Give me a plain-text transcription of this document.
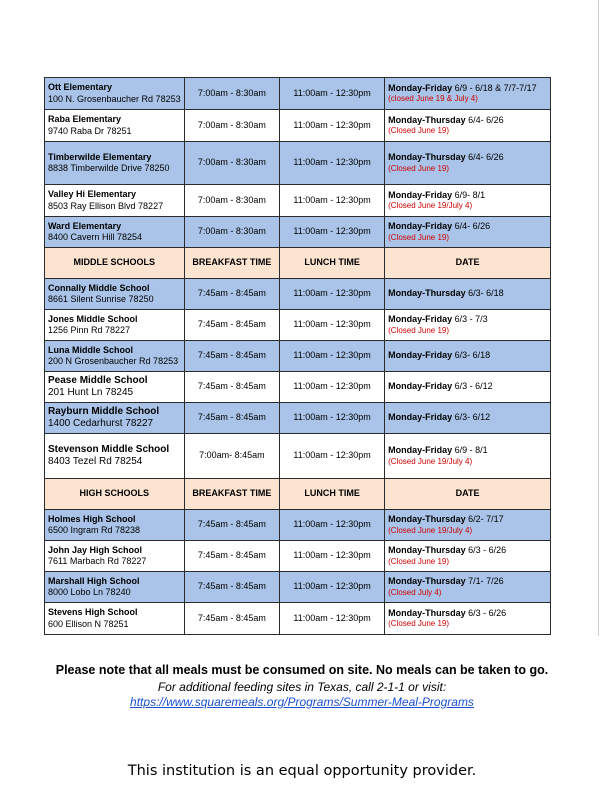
Ott Elementary
100 N. Grosenbaucher Rd 78253	7:00am - 8:30am	11:00am - 12:30pm	Monday-Friday 6/9 - 6/18 & 7/7-7/17
(closed June 19 & July 4)

Raba Elementary
9740 Raba Dr 78251	7:00am - 8:30am	11:00am - 12:30pm	Monday-Thursday 6/4- 6/26
(Closed June 19)

Timberwilde Elementary
8838 Timberwilde Drive 78250	7:00am - 8:30am	11:00am - 12:30pm	Monday-Thursday 6/4- 6/26
(Closed June 19)

Valley Hi Elementary
8503 Ray Ellison Blvd 78227	7:00am - 8:30am	11:00am - 12:30pm	Monday-Friday 6/9- 8/1
(Closed June 19/July 4)

Ward Elementary
8400 Cavern Hill 78254	7:00am - 8:30am	11:00am - 12:30pm	Monday-Friday 6/4- 6/26
(Closed June 19)

MIDDLE SCHOOLS	BREAKFAST TIME	LUNCH TIME	DATE

Connally Middle School
8661 Silent Sunrise 78250	7:45am - 8:45am	11:00am - 12:30pm	Monday-Thursday 6/3- 6/18

Jones Middle School
1256 Pinn Rd 78227	7:45am - 8:45am	11:00am - 12:30pm	Monday-Friday 6/3 - 7/3
(Closed June 19)

Luna Middle School
200 N Grosenbaucher Rd 78253	7:45am - 8:45am	11:00am - 12:30pm	Monday-Friday 6/3- 6/18

Pease Middle School
201 Hunt Ln 78245	7:45am - 8:45am	11:00am - 12:30pm	Monday-Friday 6/3 - 6/12

Rayburn Middle School
1400 Cedarhurst 78227	7:45am - 8:45am	11:00am - 12:30pm	Monday-Friday 6/3- 6/12

Stevenson Middle School
8403 Tezel Rd 78254	7:00am- 8:45am	11:00am - 12:30pm	Monday-Friday 6/9 - 8/1
(Closed June 19/July 4)

HIGH SCHOOLS	BREAKFAST TIME	LUNCH TIME	DATE

Holmes High School
6500 Ingram Rd 78238	7:45am - 8:45am	11:00am - 12:30pm	Monday-Thursday 6/2- 7/17
(Closed June 19/July 4)

John Jay High School
7611 Marbach Rd 78227	7:45am - 8:45am	11:00am - 12:30pm	Monday-Thursday 6/3 - 6/26
(Closed June 19)

Marshall High School
8000 Lobo Ln 78240	7:45am - 8:45am	11:00am - 12:30pm	Monday-Thursday 7/1- 7/26
(Closed July 4)

Stevens High School
600 Ellison N 78251	7:45am - 8:45am	11:00am - 12:30pm	Monday-Thursday 6/3 - 6/26
(Closed June 19)
Please note that all meals must be consumed on site. No meals can be taken to go.
For additional feeding sites in Texas, call 2-1-1 or visit:
https://www.squaremeals.org/Programs/Summer-Meal-Programs
This institution is an equal opportunity provider.
